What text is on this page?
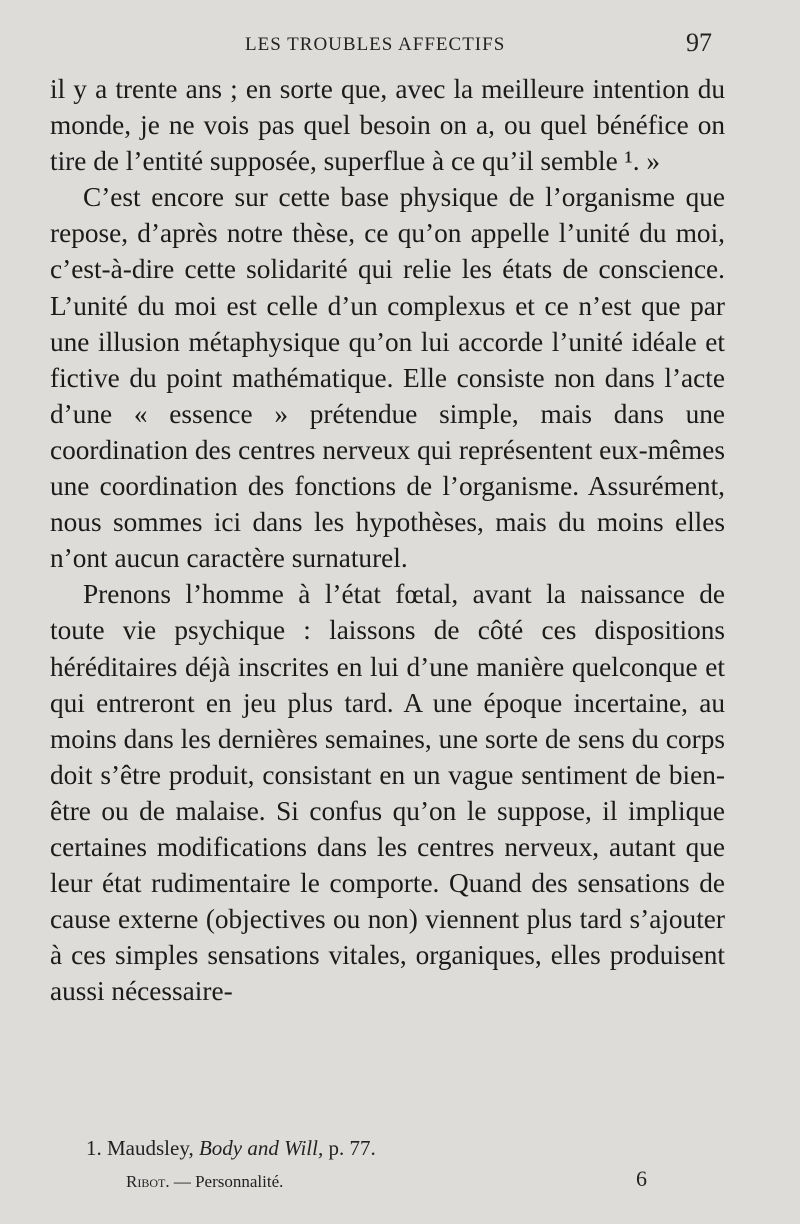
LES TROUBLES AFFECTIFS	97

il y a trente ans ; en sorte que, avec la meilleure intention du monde, je ne vois pas quel besoin on a, ou quel bénéfice on tire de l’entité supposée, superflue à ce qu’il semble ¹. »

C’est encore sur cette base physique de l’organisme que repose, d’après notre thèse, ce qu’on appelle l’unité du moi, c’est-à-dire cette solidarité qui relie les états de conscience. L’unité du moi est celle d’un complexus et ce n’est que par une illusion métaphysique qu’on lui accorde l’unité idéale et fictive du point mathématique. Elle consiste non dans l’acte d’une « essence » prétendue simple, mais dans une coordination des centres nerveux qui représentent eux-mêmes une coordination des fonctions de l’organisme. Assurément, nous sommes ici dans les hypothèses, mais du moins elles n’ont aucun caractère surnaturel.

Prenons l’homme à l’état fœtal, avant la naissance de toute vie psychique : laissons de côté ces dispositions héréditaires déjà inscrites en lui d’une manière quelconque et qui entreront en jeu plus tard. A une époque incertaine, au moins dans les dernières semaines, une sorte de sens du corps doit s’être produit, consistant en un vague sentiment de bien-être ou de malaise. Si confus qu’on le suppose, il implique certaines modifications dans les centres nerveux, autant que leur état rudimentaire le comporte. Quand des sensations de cause externe (objectives ou non) viennent plus tard s’ajouter à ces simples sensations vitales, organiques, elles produisent aussi nécessaire-

1. Maudsley, Body and Will, p. 77.
Ribot. — Personnalité.	6
